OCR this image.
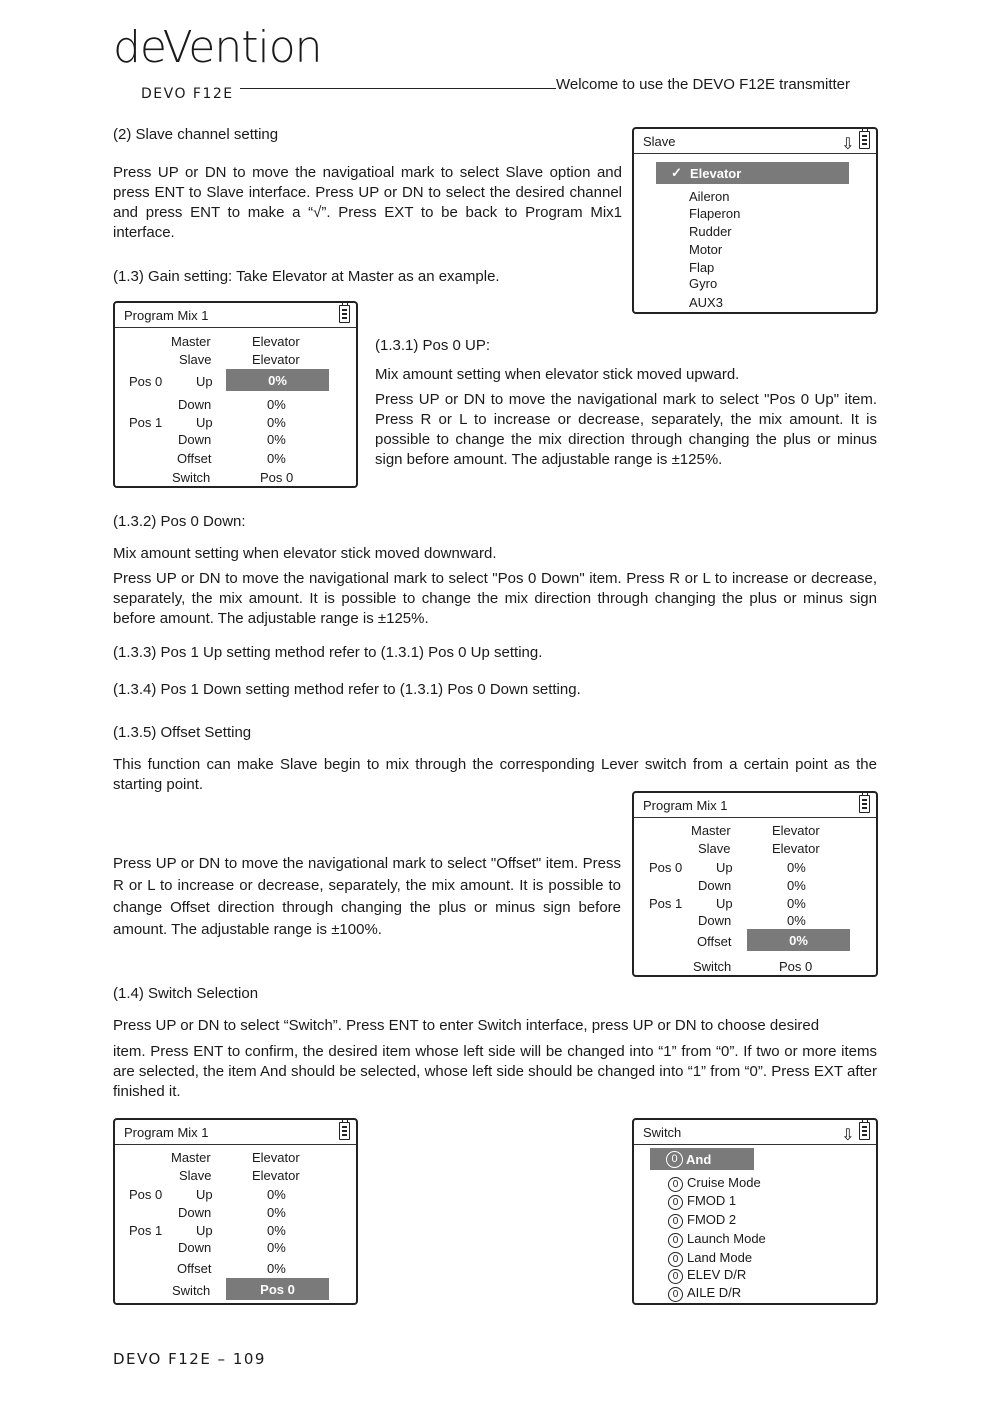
deVention
DEVO F12E
Welcome to use the DEVO F12E transmitter
(2) Slave channel setting

Press UP or DN to move the navigatioal mark to select Slave option and press ENT to Slave interface. Press UP or DN to select the desired channel and press ENT to make a “√”. Press EXT to be back to Program Mix1 interface.

(1.3) Gain setting: Take Elevator at Master as an example.
Slave	⇩
✓ Elevator
Aileron
Flaperon
Rudder
Motor
Flap
Gyro
AUX3
Program Mix 1
Master	Elevator
Slave	Elevator
Pos 0	Up	0%
Down	0%
Pos 1	Up	0%
Down	0%
Offset	0%
Switch	Pos 0
(1.3.1) Pos 0 UP:
Mix amount setting when elevator stick moved upward.

Press UP or DN to move the navigational mark to select "Pos 0 Up" item. Press R or L to increase or decrease, separately, the mix amount. It is possible to change the mix direction through changing the plus or minus sign before amount. The adjustable range is ±125%.

(1.3.2) Pos 0 Down:
Mix amount setting when elevator stick moved downward.

Press UP or DN to move the navigational mark to select "Pos 0 Down" item. Press R or L to increase or decrease, separately, the mix amount. It is possible to change the mix direction through changing the plus or minus sign before amount. The adjustable range is ±125%.

(1.3.3) Pos 1 Up setting method refer to (1.3.1) Pos 0 Up setting.
(1.3.4) Pos 1 Down setting method refer to (1.3.1) Pos 0 Down setting.
(1.3.5) Offset Setting

This function can make Slave begin to mix through the corresponding Lever switch from a certain point as the starting point.

Press UP or DN to move the navigational mark to select "Offset" item. Press R or L to increase or decrease, separately, the mix amount. It is possible to change Offset direction through changing the plus or minus sign before amount. The adjustable range is ±100%.

Program Mix 1
Master	Elevator
Slave	Elevator
Pos 0	Up	0%
Down	0%
Pos 1	Up	0%
Down	0%
Offset	0%
Switch	Pos 0
(1.4) Switch Selection
Press UP or DN to select “Switch”. Press ENT to enter Switch interface, press UP or DN to choose desired

item. Press ENT to confirm, the desired item whose left side will be changed into “1” from “0”. If two or more items are selected, the item And should be selected, whose left side should be changed into “1” from “0”. Press EXT after finished it.

Program Mix 1
Master	Elevator
Slave	Elevator
Pos 0	Up	0%
Down	0%
Pos 1	Up	0%
Down	0%
Offset	0%
Switch	Pos 0
Switch	⇩
0 And
0 Cruise Mode
0 FMOD 1
0 FMOD 2
0 Launch Mode
0 Land Mode
0 ELEV D/R
0 AILE D/R
DEVO F12E – 109
